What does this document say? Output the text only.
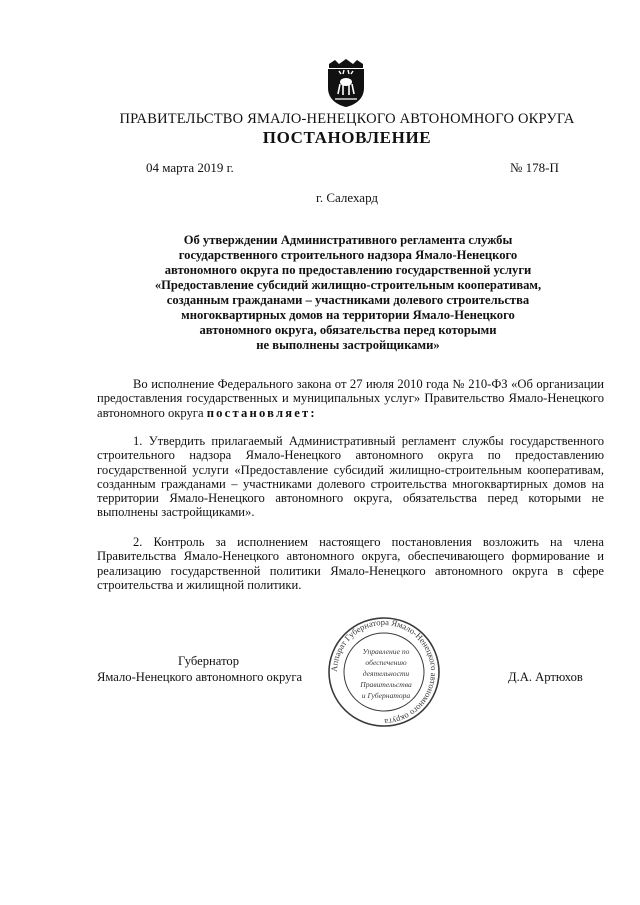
ПРАВИТЕЛЬСТВО ЯМАЛО-НЕНЕЦКОГО АВТОНОМНОГО ОКРУГА
ПОСТАНОВЛЕНИЕ
04 марта 2019 г.	№ 178-П
г. Салехард
Об утверждении Административного регламента службы
государственного строительного надзора Ямало-Ненецкого
автономного округа по предоставлению государственной услуги
«Предоставление субсидий жилищно-строительным кооперативам,
созданным гражданами – участниками долевого строительства
многоквартирных домов на территории Ямало-Ненецкого
автономного округа, обязательства перед которыми
не выполнены застройщиками»
Во исполнение Федерального закона от 27 июля 2010 года № 210-ФЗ «Об организации предоставления государственных и муниципальных услуг» Правительство Ямало-Ненецкого автономного округа постановляет:
1. Утвердить прилагаемый Административный регламент службы государственного строительного надзора Ямало-Ненецкого автономного округа по предоставлению государственной услуги «Предоставление субсидий жилищно-строительным кооперативам, созданным гражданами – участниками долевого строительства многоквартирных домов на территории Ямало-Ненецкого автономного округа, обязательства перед которыми не выполнены застройщиками».
2. Контроль за исполнением настоящего постановления возложить на члена Правительства Ямало-Ненецкого автономного округа, обеспечивающего формирование и реализацию государственной политики Ямало-Ненецкого автономного округа в сфере строительства и жилищной политики.
Губернатор
Ямало-Ненецкого автономного округа	Д.А. Артюхов
Аппарат Губернатора Ямало-Ненецкого автономного округа
Управление по
обеспечению
деятельности
Правительства
и Губернатора
